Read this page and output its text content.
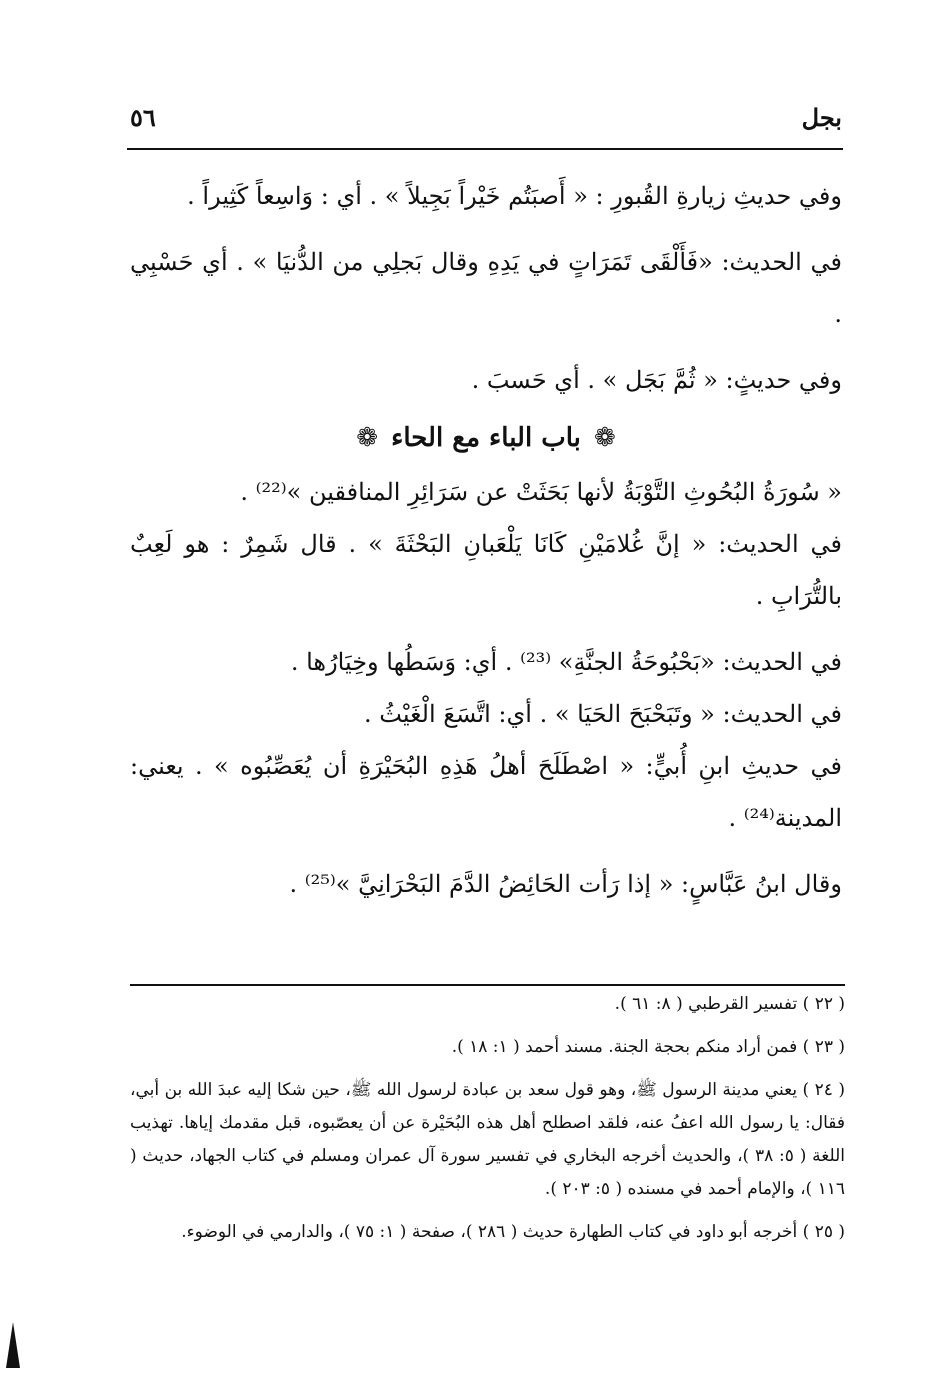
بجل
٥٦

وفي حديثِ زيارةِ القُبورِ : « أَصبَتُم خَيْراً بَجِيلاً » . أي : وَاسِعاً كَثِيراً .

في الحديث: «فَأَلْقَى تَمَرَاتٍ في يَدِهِ وقال بَجلِي من الدُّنيَا » . أي حَسْبِي .

وفي حديثٍ: « ثُمَّ بَجَل » . أي حَسبَ .

❁ باب الباء مع الحاء ❁

« سُورَةُ البُحُوثِ التَّوْبَةُ لأنها بَحَثَتْ عن سَرَائِرِ المنافقين »⁽²²⁾ .

في الحديث: « إنَّ غُلامَيْنِ كَانَا يَلْعَبانِ البَحْثَةَ » . قال شَمِرٌ : هو لَعِبٌ بالتُّرَابِ .

في الحديث: «بَحْبُوحَةُ الجنَّةِ» ⁽²³⁾ . أي: وَسَطُها وخِيَارُها .

في الحديث: « وتَبَحْبَحَ الحَيَا » . أي: اتَّسَعَ الْغَيْثُ .

في حديثِ ابنِ أُبيٍّ: « اصْطَلَحَ أهلُ هَذِهِ البُحَيْرَةِ أن يُعَصِّبُوه » . يعني: المدينة⁽²⁴⁾ .

وقال ابنُ عَبَّاسٍ: « إذا رَأت الحَائِضُ الدَّمَ البَحْرَانِيَّ »⁽²⁵⁾ .

( ٢٢ ) تفسير القرطبي ( ٨: ٦١ ).

( ٢٣ ) فمن أراد منكم بحجة الجنة. مسند أحمد ( ١: ١٨ ).

( ٢٤ ) يعني مدينة الرسول ﷺ، وهو قول سعد بن عبادة لرسول الله ﷺ، حين شكا إليه عبدَ الله بن أبي، فقال: يا رسول الله اعفُ عنه، فلقد اصطلح أهل هذه البُحَيْرة عن أن يعصّبوه، قبل مقدمك إياها. تهذيب اللغة ( ٥: ٣٨ )، والحديث أخرجه البخاري في تفسير سورة آل عمران ومسلم في كتاب الجهاد، حديث ( ١١٦ )، والإمام أحمد في مسنده ( ٥: ٢٠٣ ).

( ٢٥ ) أخرجه أبو داود في كتاب الطهارة حديث ( ٢٨٦ )، صفحة ( ١: ٧٥ )، والدارمي في الوضوء.
